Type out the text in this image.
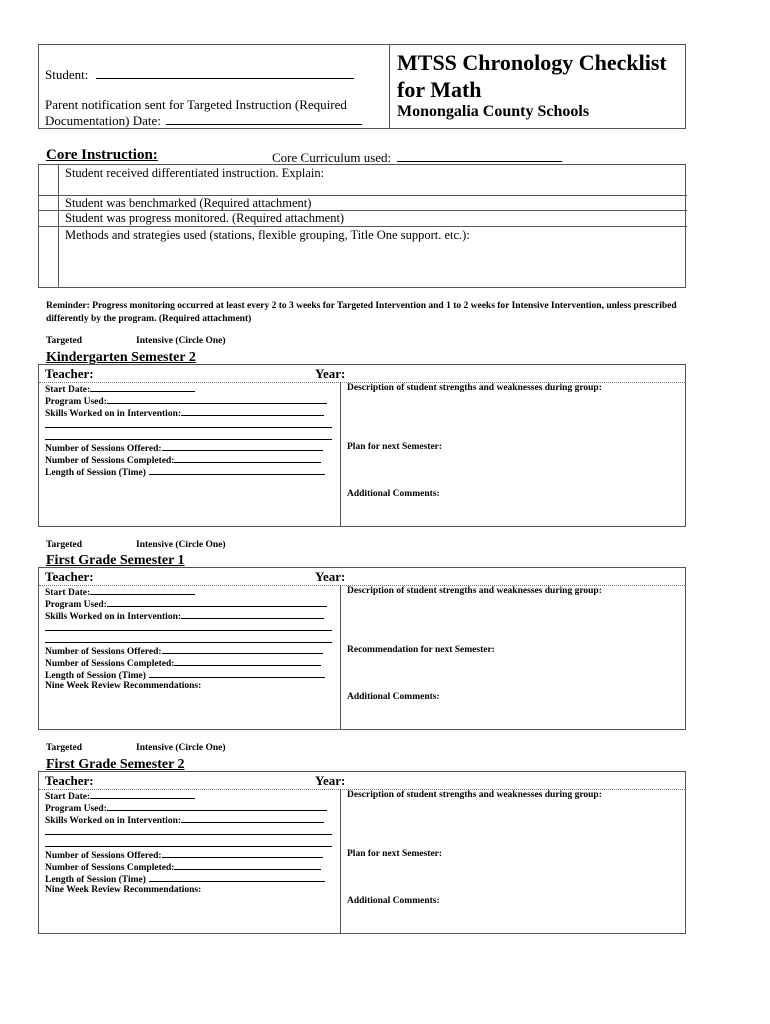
Student:
Parent notification sent for Targeted Instruction (Required
Documentation) Date:
MTSS Chronology Checklist
for Math
Monongalia County Schools
Core Instruction:	Core Curriculum used:
Student received differentiated instruction. Explain:
Student was benchmarked (Required attachment)
Student was progress monitored. (Required attachment)
Methods and strategies used (stations, flexible grouping, Title One support. etc.):
Reminder: Progress monitoring occurred at least every 2 to 3 weeks for Targeted Intervention and 1 to 2 weeks for Intensive Intervention, unless prescribed
differently by the program. (Required attachment)
Targeted	Intensive (Circle One)
Kindergarten Semester 2
Teacher:	Year:
Start Date:
Program Used:
Skills Worked on in Intervention:
Number of Sessions Offered:
Number of Sessions Completed:
Length of Session (Time)
Description of student strengths and weaknesses during group:
Plan for next Semester:
Additional Comments:
Targeted	Intensive (Circle One)
First Grade Semester 1
Teacher:	Year:
Start Date:
Program Used:
Skills Worked on in Intervention:
Number of Sessions Offered:
Number of Sessions Completed:
Length of Session (Time)
Nine Week Review Recommendations:
Description of student strengths and weaknesses during group:
Recommendation for next Semester:
Additional Comments:
Targeted	Intensive (Circle One)
First Grade Semester 2
Teacher:	Year:
Start Date:
Program Used:
Skills Worked on in Intervention:
Number of Sessions Offered:
Number of Sessions Completed:
Length of Session (Time)
Nine Week Review Recommendations:
Description of student strengths and weaknesses during group:
Plan for next Semester:
Additional Comments:
